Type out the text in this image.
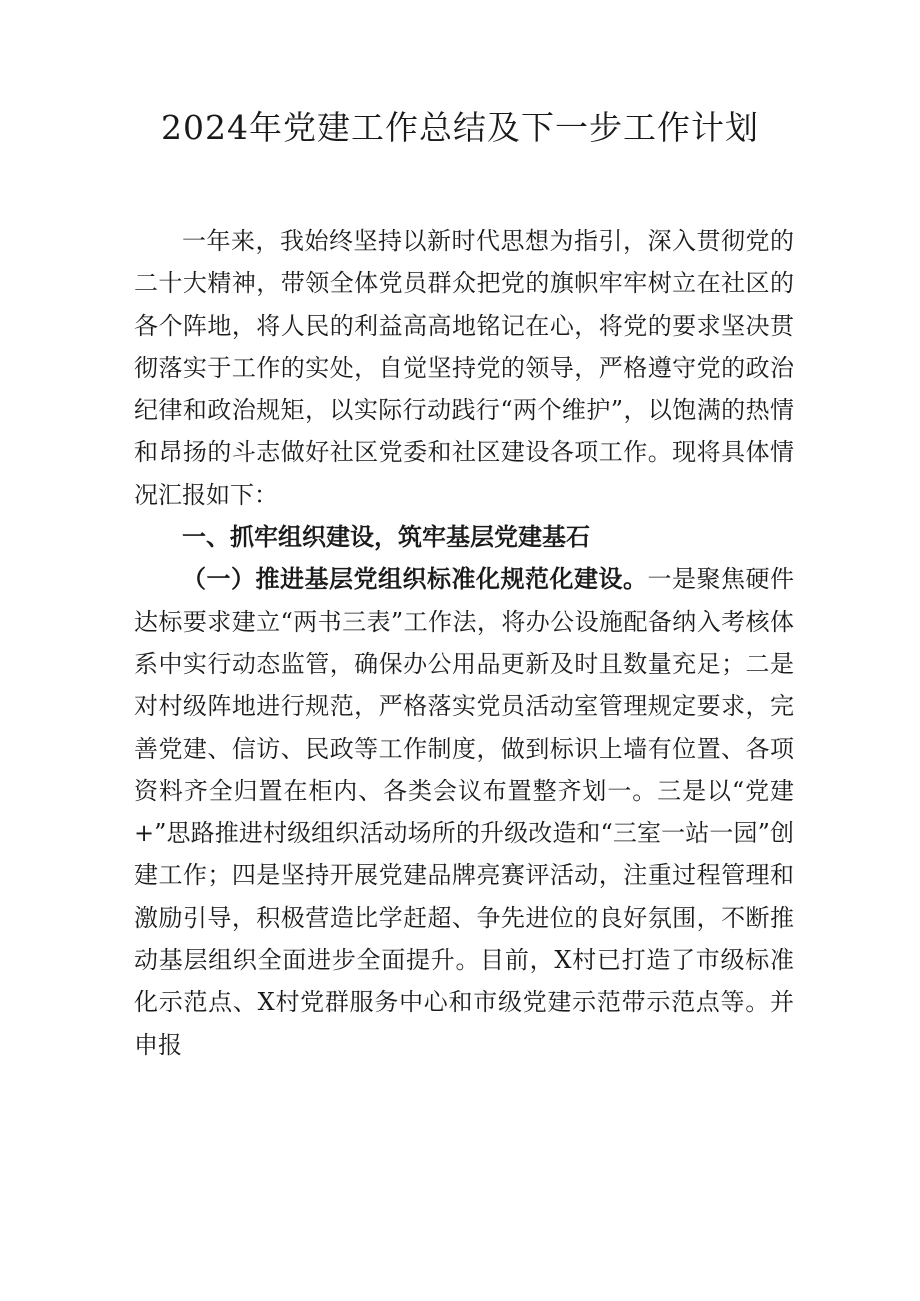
2024年党建工作总结及下一步工作计划

一年来，我始终坚持以新时代思想为指引，深入贯彻党的二十大精神，带领全体党员群众把党的旗帜牢牢树立在社区的各个阵地，将人民的利益高高地铭记在心，将党的要求坚决贯彻落实于工作的实处，自觉坚持党的领导，严格遵守党的政治纪律和政治规矩，以实际行动践行“两个维护”，以饱满的热情和昂扬的斗志做好社区党委和社区建设各项工作。现将具体情况汇报如下：

一、抓牢组织建设，筑牢基层党建基石

（一）推进基层党组织标准化规范化建设。一是聚焦硬件达标要求建立“两书三表”工作法，将办公设施配备纳入考核体系中实行动态监管，确保办公用品更新及时且数量充足；二是对村级阵地进行规范，严格落实党员活动室管理规定要求，完善党建、信访、民政等工作制度，做到标识上墙有位置、各项资料齐全归置在柜内、各类会议布置整齐划一。三是以“党建+”思路推进村级组织活动场所的升级改造和“三室一站一园”创建工作；四是坚持开展党建品牌亮赛评活动，注重过程管理和激励引导，积极营造比学赶超、争先进位的良好氛围，不断推动基层组织全面进步全面提升。目前，X村已打造了市级标准化示范点、X村党群服务中心和市级党建示范带示范点等。并申报
